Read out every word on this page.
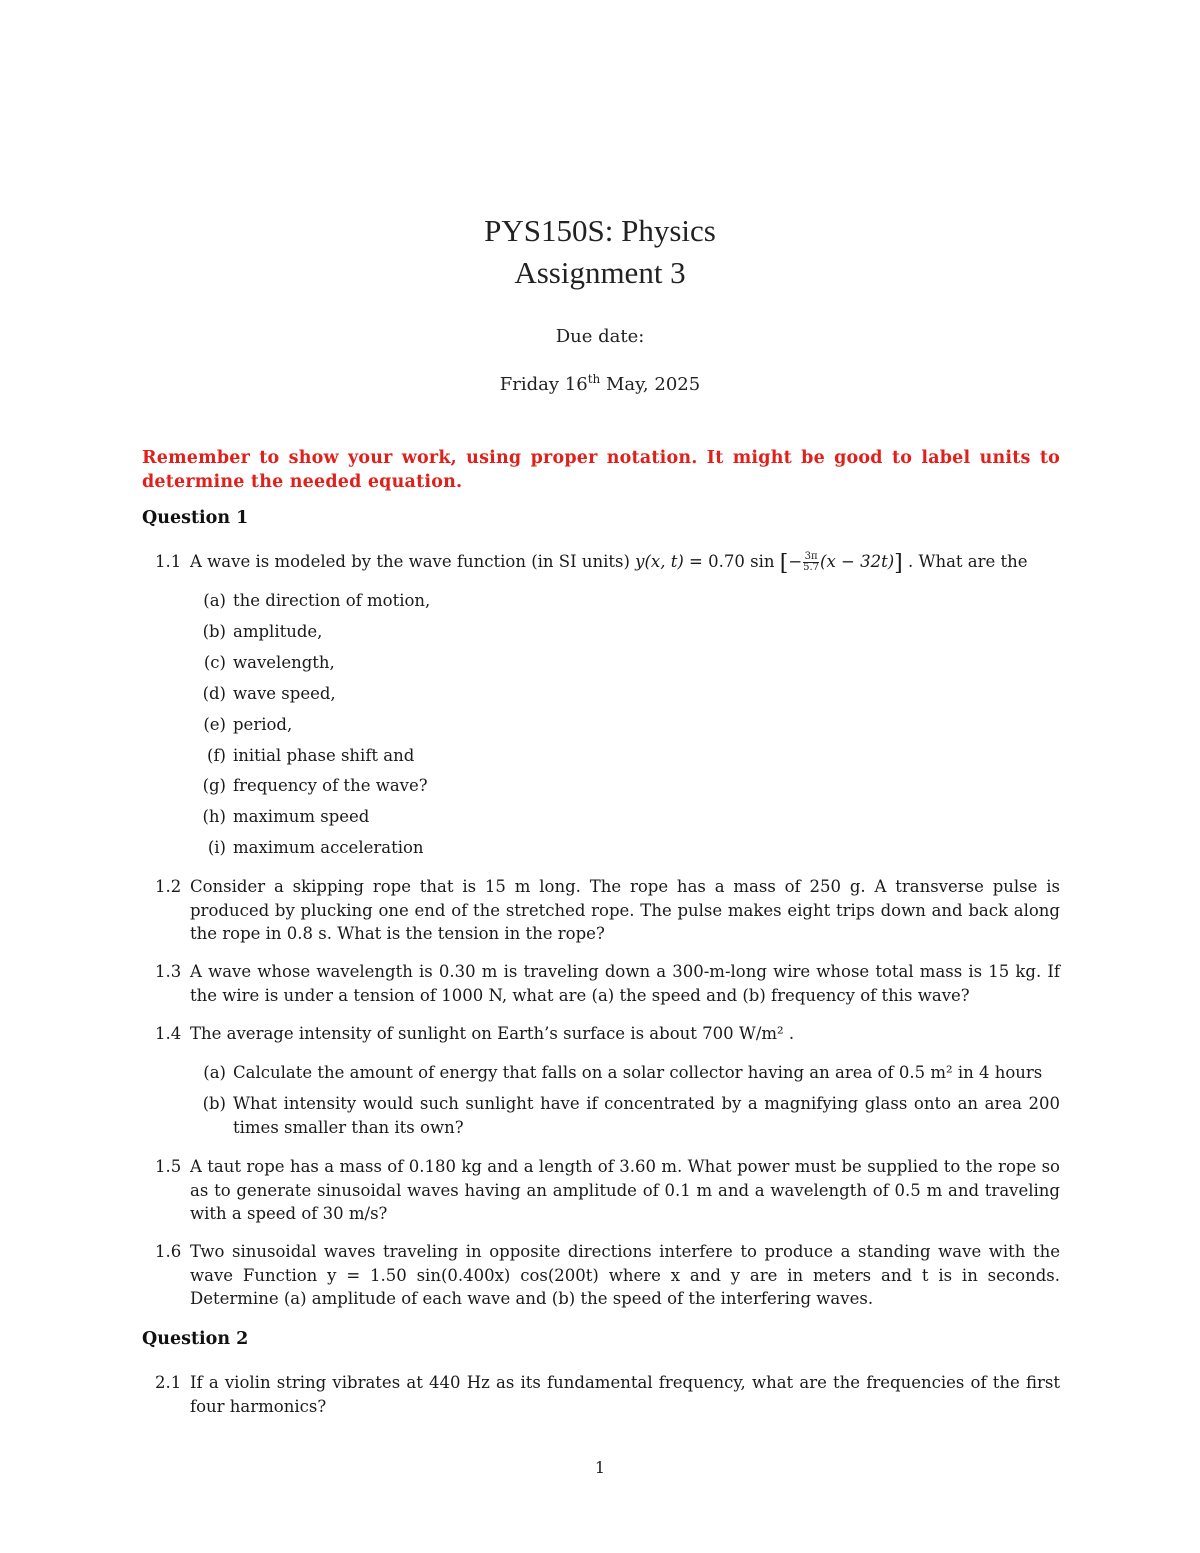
PYS150S: Physics
Assignment 3
Due date:
Friday 16th May, 2025
Remember to show your work, using proper notation. It might be good to label units to determine the needed equation.
Question 1
1.1 A wave is modeled by the wave function (in SI units) y(x, t) = 0.70 sin [− $\frac{3\pi}{5.7} (x - 32t)$] . What are the
(a) the direction of motion,
(b) amplitude,
(c) wavelength,
(d) wave speed,
(e) period,
(f) initial phase shift and
(g) frequency of the wave?
(h) maximum speed
(i) maximum acceleration
1.2 Consider a skipping rope that is 15 m long. The rope has a mass of 250 g. A transverse pulse is produced by plucking one end of the stretched rope. The pulse makes eight trips down and back along the rope in 0.8 s. What is the tension in the rope?
1.3 A wave whose wavelength is 0.30 m is traveling down a 300-m-long wire whose total mass is 15 kg. If the wire is under a tension of 1000 N, what are (a) the speed and (b) frequency of this wave?
1.4 The average intensity of sunlight on Earth’s surface is about 700 W/m² .
(a) Calculate the amount of energy that falls on a solar collector having an area of 0.5 m² in 4 hours
(b) What intensity would such sunlight have if concentrated by a magnifying glass onto an area 200 times smaller than its own?
1.5 A taut rope has a mass of 0.180 kg and a length of 3.60 m. What power must be supplied to the rope so as to generate sinusoidal waves having an amplitude of 0.1 m and a wavelength of 0.5 m and traveling with a speed of 30 m/s?
1.6 Two sinusoidal waves traveling in opposite directions interfere to produce a standing wave with the wave Function y = 1.50 sin(0.400x) cos(200t) where x and y are in meters and t is in seconds. Determine (a) amplitude of each wave and (b) the speed of the interfering waves.
Question 2
2.1 If a violin string vibrates at 440 Hz as its fundamental frequency, what are the frequencies of the first four harmonics?
1
